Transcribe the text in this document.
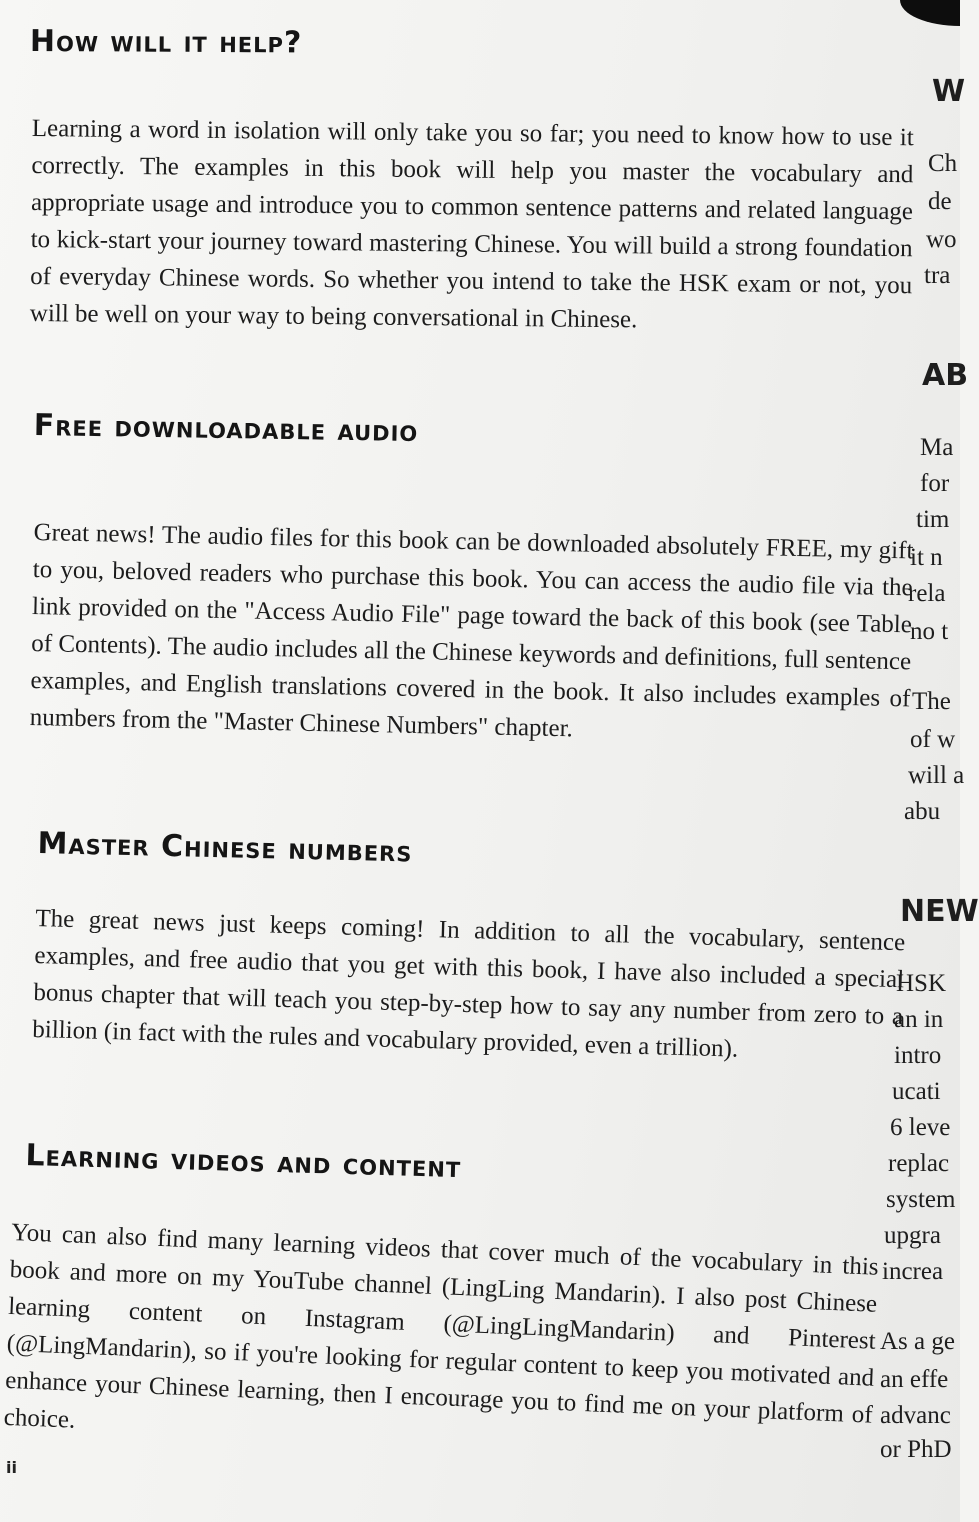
How will it help?

Learning a word in isolation will only take you so far; you need to know how to use it correctly. The examples in this book will help you master the vocabulary and appropriate usage and introduce you to common sentence patterns and related language to kick-start your journey toward mastering Chinese. You will build a strong foundation of everyday Chinese words. So whether you intend to take the HSK exam or not, you will be well on your way to being conversational in Chinese.

Free downloadable audio

Great news! The audio files for this book can be downloaded absolutely FREE, my gift to you, beloved readers who purchase this book. You can access the audio file via the link provided on the "Access Audio File" page toward the back of this book (see Table of Contents). The audio includes all the Chinese keywords and definitions, full sentence examples, and English translations covered in the book. It also includes examples of numbers from the "Master Chinese Numbers" chapter.

Master Chinese numbers

The great news just keeps coming! In addition to all the vocabulary, sentence examples, and free audio that you get with this book, I have also included a special bonus chapter that will teach you step-by-step how to say any number from zero to a billion (in fact with the rules and vocabulary provided, even a trillion).

Learning videos and content

You can also find many learning videos that cover much of the vocabulary in this book and more on my YouTube channel (LingLing Mandarin). I also post Chinese learning content on Instagram (@LingLingMandarin) and Pinterest (@LingMandarin), so if you're looking for regular content to keep you motivated and enhance your Chinese learning, then I encourage you to find me on your platform of choice.

ii
W
Ch
de
wo
tra
AB
Ma
for
tim
it n
rela
no t
The
of w
will a
abu
NEW
HSK
an in
intro
ucati
6 leve
replac
system
upgra
increa
As a ge
an effe
advanc
or PhD
